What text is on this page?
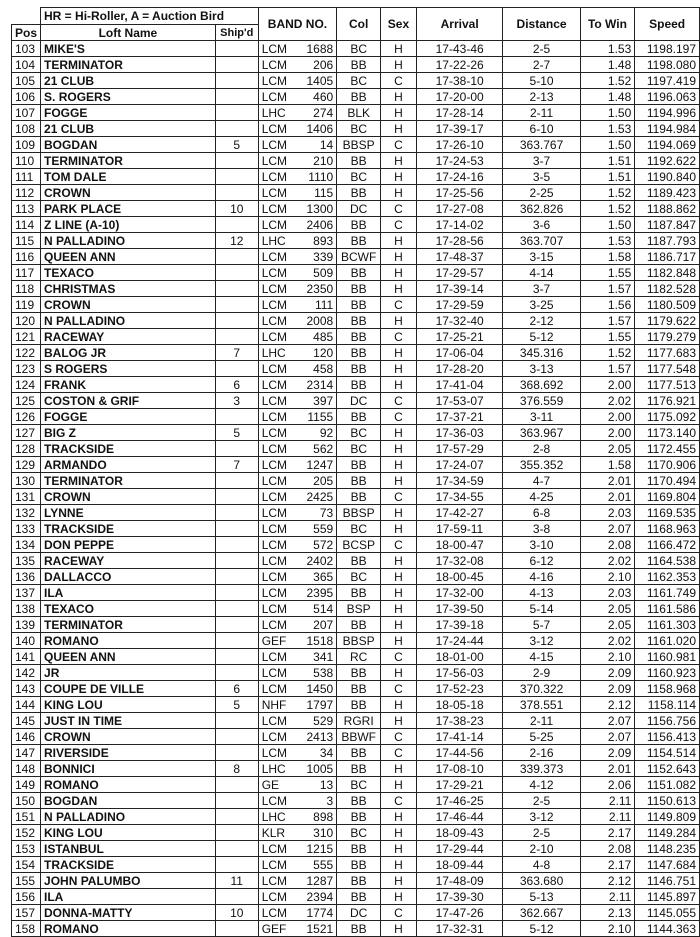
	HR = Hi-Roller, A = Auction Bird		BAND NO.		Col	Sex	Arrival	Distance	To Win	Speed
Pos	Loft Name	Ship'd								
103	MIKE'S		LCM	1688	BC	H	17-43-46	2-5	1.53	1198.197
104	TERMINATOR		LCM	206	BB	H	17-22-26	2-7	1.48	1198.080
105	21 CLUB		LCM	1405	BC	C	17-38-10	5-10	1.52	1197.419
106	S. ROGERS		LCM	460	BB	H	17-20-00	2-13	1.48	1196.063
107	FOGGE		LHC	274	BLK	H	17-28-14	2-11	1.50	1194.996
108	21 CLUB		LCM	1406	BC	H	17-39-17	6-10	1.53	1194.984
109	BOGDAN	5	LCM	14	BBSP	C	17-26-10	363.767	1.50	1194.069
110	TERMINATOR		LCM	210	BB	H	17-24-53	3-7	1.51	1192.622
111	TOM DALE		LCM	1110	BC	H	17-24-16	3-5	1.51	1190.840
112	CROWN		LCM	115	BB	H	17-25-56	2-25	1.52	1189.423
113	PARK PLACE	10	LCM	1300	DC	C	17-27-08	362.826	1.52	1188.862
114	Z LINE (A-10)		LCM	2406	BB	C	17-14-02	3-6	1.50	1187.847
115	N PALLADINO	12	LHC	893	BB	H	17-28-56	363.707	1.53	1187.793
116	QUEEN ANN		LCM	339	BCWF	H	17-48-37	3-15	1.58	1186.717
117	TEXACO		LCM	509	BB	H	17-29-57	4-14	1.55	1182.848
118	CHRISTMAS		LCM	2350	BB	H	17-39-14	3-7	1.57	1182.528
119	CROWN		LCM	111	BB	C	17-29-59	3-25	1.56	1180.509
120	N PALLADINO		LCM	2008	BB	H	17-32-40	2-12	1.57	1179.622
121	RACEWAY		LCM	485	BB	C	17-25-21	5-12	1.55	1179.279
122	BALOG JR	7	LHC	120	BB	H	17-06-04	345.316	1.52	1177.683
123	S ROGERS		LCM	458	BB	H	17-28-20	3-13	1.57	1177.548
124	FRANK	6	LCM	2314	BB	H	17-41-04	368.692	2.00	1177.513
125	COSTON & GRIF	3	LCM	397	DC	C	17-53-07	376.559	2.02	1176.921
126	FOGGE		LCM	1155	BB	C	17-37-21	3-11	2.00	1175.092
127	BIG Z	5	LCM	92	BC	H	17-36-03	363.967	2.00	1173.140
128	TRACKSIDE		LCM	562	BC	H	17-57-29	2-8	2.05	1172.455
129	ARMANDO	7	LCM	1247	BB	H	17-24-07	355.352	1.58	1170.906
130	TERMINATOR		LCM	205	BB	H	17-34-59	4-7	2.01	1170.494
131	CROWN		LCM	2425	BB	C	17-34-55	4-25	2.01	1169.804
132	LYNNE		LCM	73	BBSP	H	17-42-27	6-8	2.03	1169.535
133	TRACKSIDE		LCM	559	BC	H	17-59-11	3-8	2.07	1168.963
134	DON PEPPE		LCM	572	BCSP	C	18-00-47	3-10	2.08	1166.472
135	RACEWAY		LCM	2402	BB	H	17-32-08	6-12	2.02	1164.538
136	DALLACCO		LCM	365	BC	H	18-00-45	4-16	2.10	1162.353
137	ILA		LCM	2395	BB	H	17-32-00	4-13	2.03	1161.749
138	TEXACO		LCM	514	BSP	H	17-39-50	5-14	2.05	1161.586
139	TERMINATOR		LCM	207	BB	H	17-39-18	5-7	2.05	1161.303
140	ROMANO		GEF	1518	BBSP	H	17-24-44	3-12	2.02	1161.020
141	QUEEN ANN		LCM	341	RC	C	18-01-00	4-15	2.10	1160.981
142	JR		LCM	538	BB	H	17-56-03	2-9	2.09	1160.923
143	COUPE DE VILLE	6	LCM	1450	BB	C	17-52-23	370.322	2.09	1158.968
144	KING LOU	5	NHF	1797	BB	H	18-05-18	378.551	2.12	1158.114
145	JUST IN TIME		LCM	529	RGRI	H	17-38-23	2-11	2.07	1156.756
146	CROWN		LCM	2413	BBWF	C	17-41-14	5-25	2.07	1156.413
147	RIVERSIDE		LCM	34	BB	C	17-44-56	2-16	2.09	1154.514
148	BONNICI	8	LHC	1005	BB	H	17-08-10	339.373	2.01	1152.643
149	ROMANO		GE	13	BC	H	17-29-21	4-12	2.06	1151.082
150	BOGDAN		LCM	3	BB	C	17-46-25	2-5	2.11	1150.613
151	N PALLADINO		LHC	898	BB	H	17-46-44	3-12	2.11	1149.809
152	KING LOU		KLR	310	BC	H	18-09-43	2-5	2.17	1149.284
153	ISTANBUL		LCM	1215	BB	H	17-29-44	2-10	2.08	1148.235
154	TRACKSIDE		LCM	555	BB	H	18-09-44	4-8	2.17	1147.684
155	JOHN PALUMBO	11	LCM	1287	BB	H	17-48-09	363.680	2.12	1146.751
156	ILA		LCM	2394	BB	H	17-39-30	5-13	2.11	1145.897
157	DONNA-MATTY	10	LCM	1774	DC	C	17-47-26	362.667	2.13	1145.055
158	ROMANO		GEF	1521	BB	H	17-32-31	5-12	2.10	1144.363
